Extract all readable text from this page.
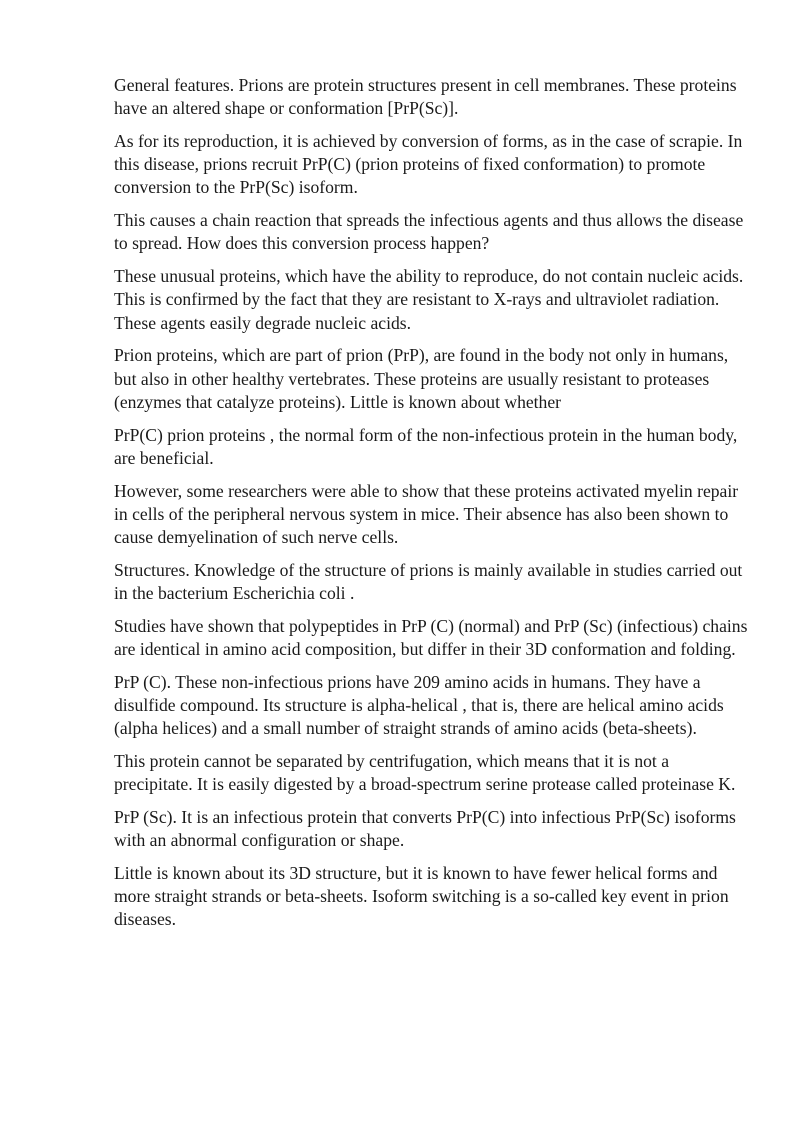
General features. Prions are protein structures present in cell membranes. These proteins have an altered shape or conformation [PrP(Sc)].

As for its reproduction, it is achieved by conversion of forms, as in the case of scrapie. In this disease, prions recruit PrP(C) (prion proteins of fixed conformation) to promote conversion to the PrP(Sc) isoform.

This causes a chain reaction that spreads the infectious agents and thus allows the disease to spread. How does this conversion process happen?

These unusual proteins, which have the ability to reproduce, do not contain nucleic acids. This is confirmed by the fact that they are resistant to X-rays and ultraviolet radiation. These agents easily degrade nucleic acids.

Prion proteins, which are part of prion (PrP), are found in the body not only in humans, but also in other healthy vertebrates. These proteins are usually resistant to proteases (enzymes that catalyze proteins). Little is known about whether

PrP(C) prion proteins , the normal form of the non-infectious protein in the human body, are beneficial.

However, some researchers were able to show that these proteins activated myelin repair in cells of the peripheral nervous system in mice. Their absence has also been shown to cause demyelination of such nerve cells.

Structures. Knowledge of the structure of prions is mainly available in studies carried out in the bacterium Escherichia coli .

Studies have shown that polypeptides in PrP (C) (normal) and PrP (Sc) (infectious) chains are identical in amino acid composition, but differ in their 3D conformation and folding.

PrP (C). These non-infectious prions have 209 amino acids in humans. They have a disulfide compound. Its structure is alpha-helical , that is, there are helical amino acids (alpha helices) and a small number of straight strands of amino acids (beta-sheets).

This protein cannot be separated by centrifugation, which means that it is not a precipitate. It is easily digested by a broad-spectrum serine protease called proteinase K.

PrP (Sc). It is an infectious protein that converts PrP(C) into infectious PrP(Sc) isoforms with an abnormal configuration or shape.

Little is known about its 3D structure, but it is known to have fewer helical forms and more straight strands or beta-sheets. Isoform switching is a so-called key event in prion diseases.
